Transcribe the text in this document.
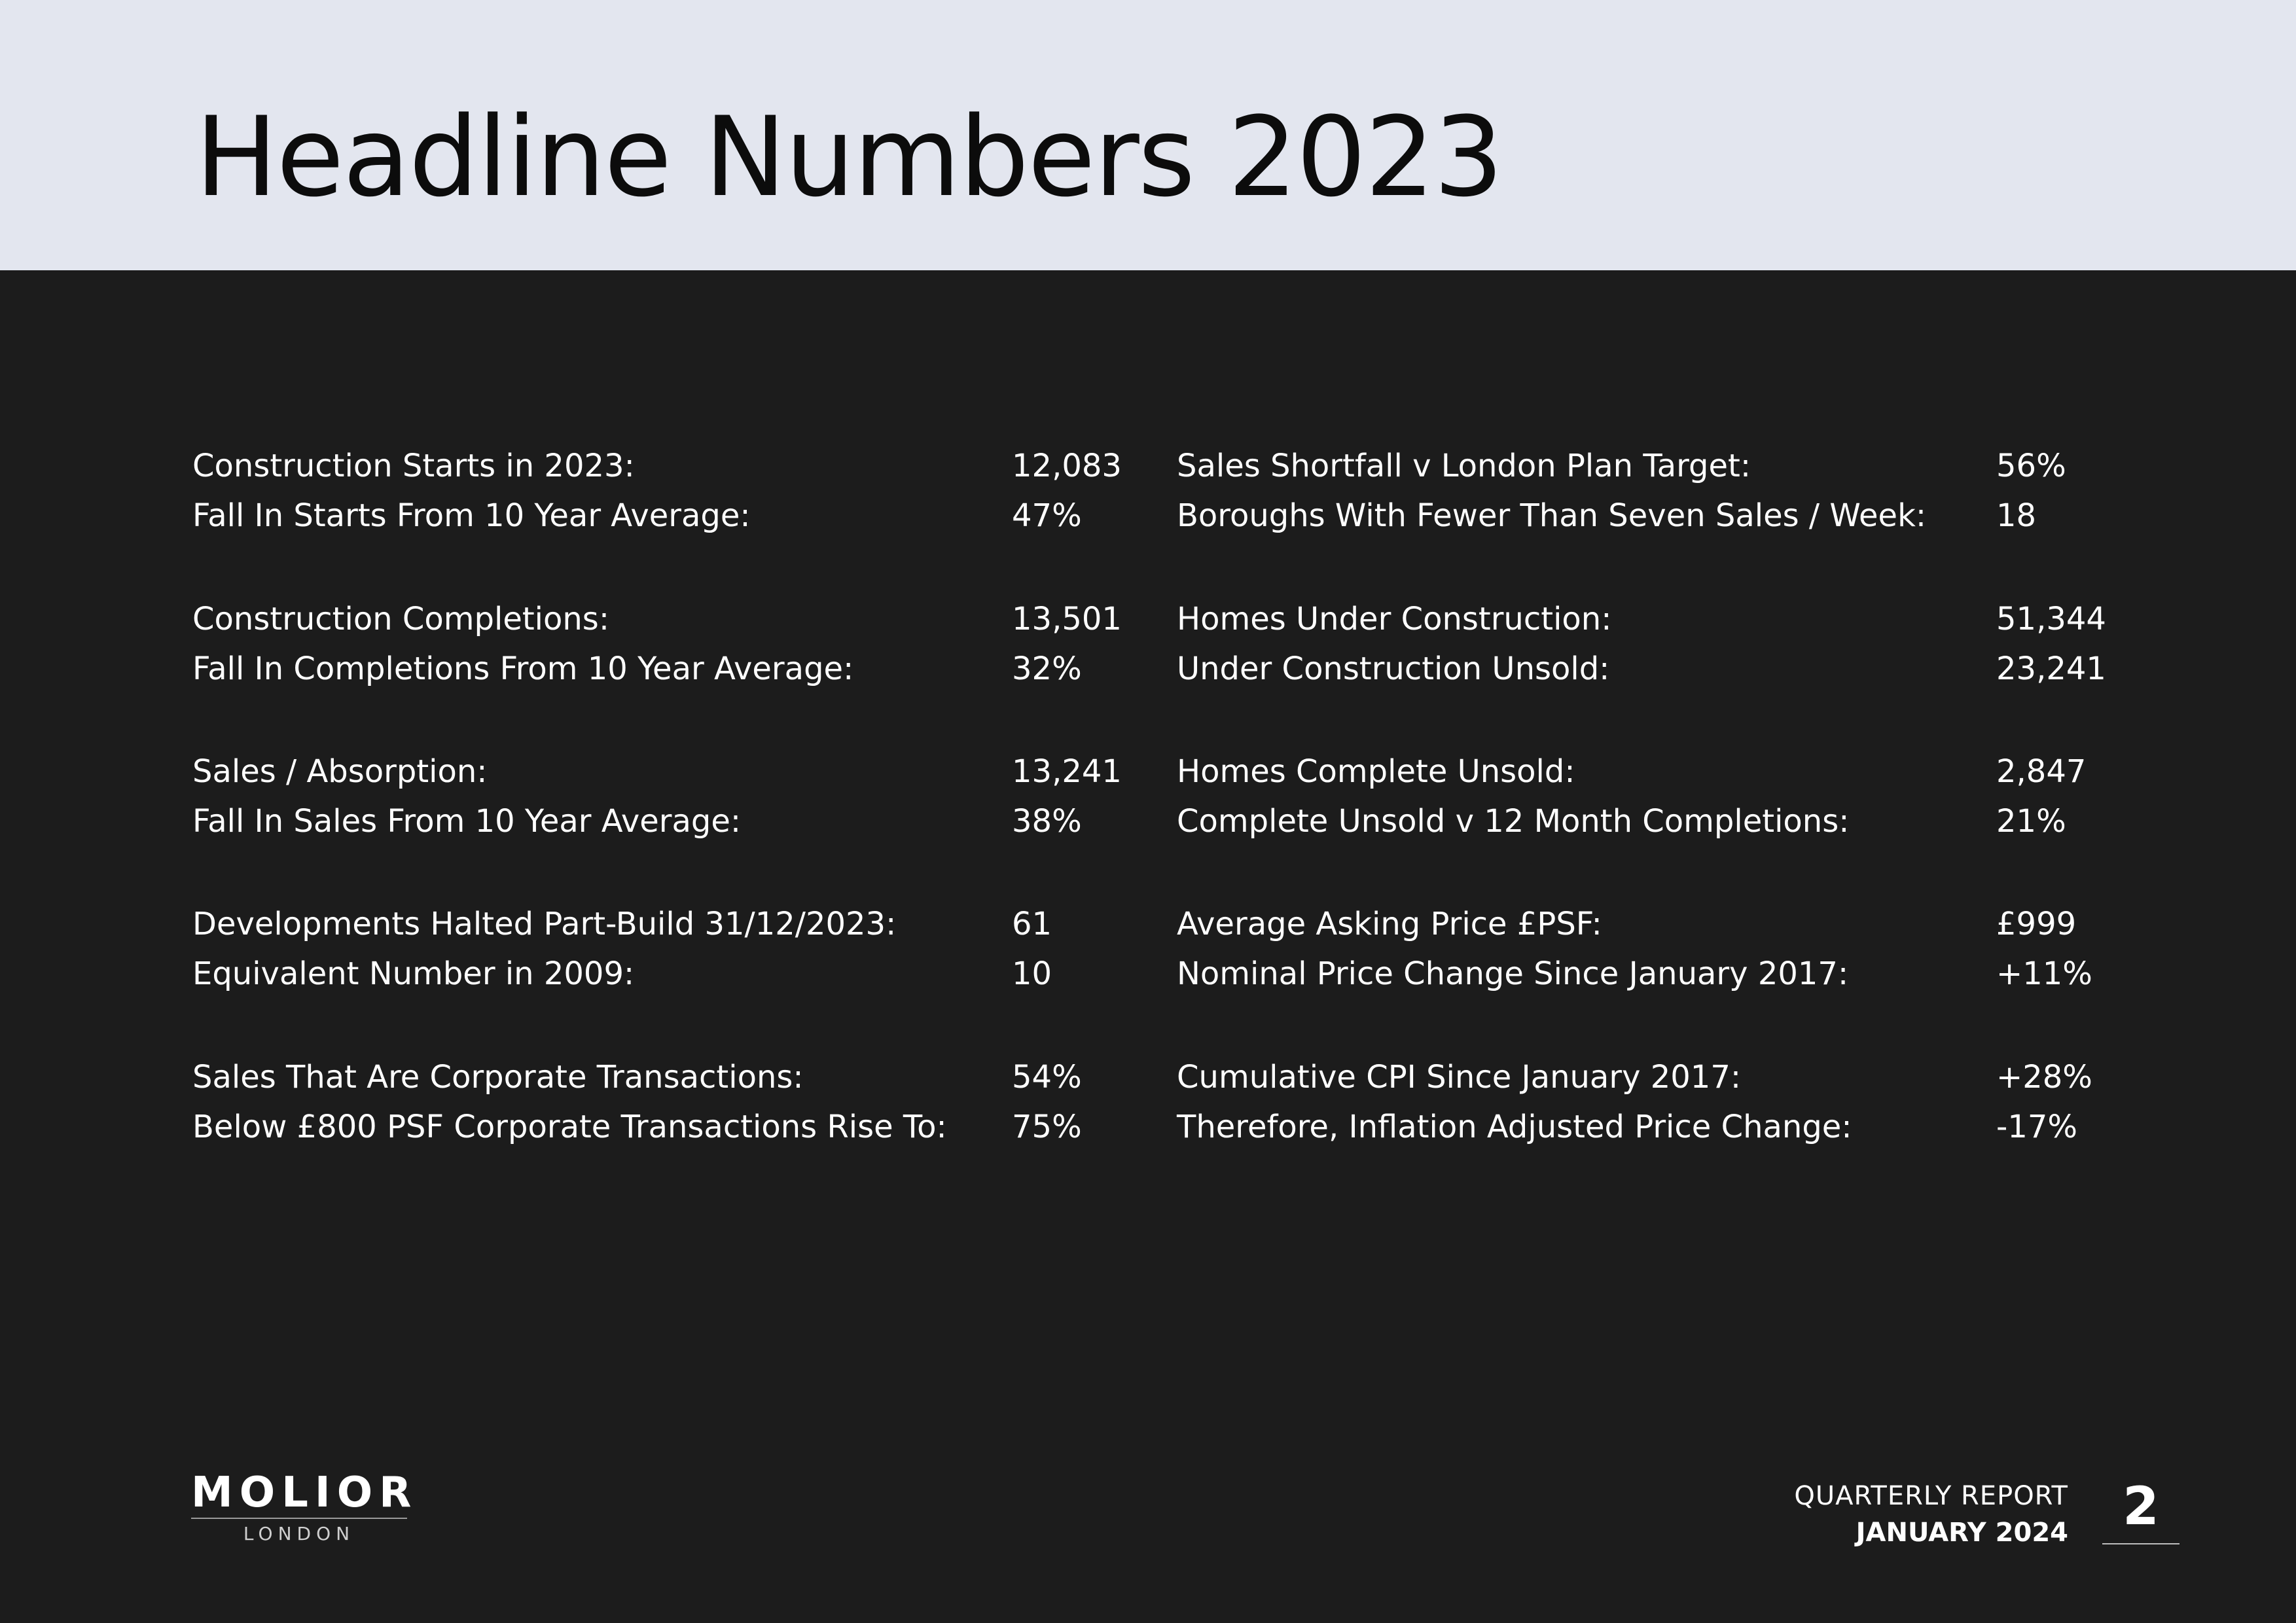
Headline Numbers 2023
Construction Starts in 2023:	12,083
Fall In Starts From 10 Year Average:	47%
Construction Completions:	13,501
Fall In Completions From 10 Year Average:	32%
Sales / Absorption:	13,241
Fall In Sales From 10 Year Average:	38%
Developments Halted Part-Build 31/12/2023:	61
Equivalent Number in 2009:	10
Sales That Are Corporate Transactions:	54%
Below £800 PSF Corporate Transactions Rise To: 75%
Sales Shortfall v London Plan Target:	56%
Boroughs With Fewer Than Seven Sales / Week: 18
Homes Under Construction:	51,344
Under Construction Unsold:	23,241
Homes Complete Unsold:	2,847
Complete Unsold v 12 Month Completions:	21%
Average Asking Price £PSF:	£999
Nominal Price Change Since January 2017:	+11%
Cumulative CPI Since January 2017:	+28%
Therefore, Inflation Adjusted Price Change:	-17%
MOLIOR
LONDON
QUARTERLY REPORT
JANUARY 2024	2
